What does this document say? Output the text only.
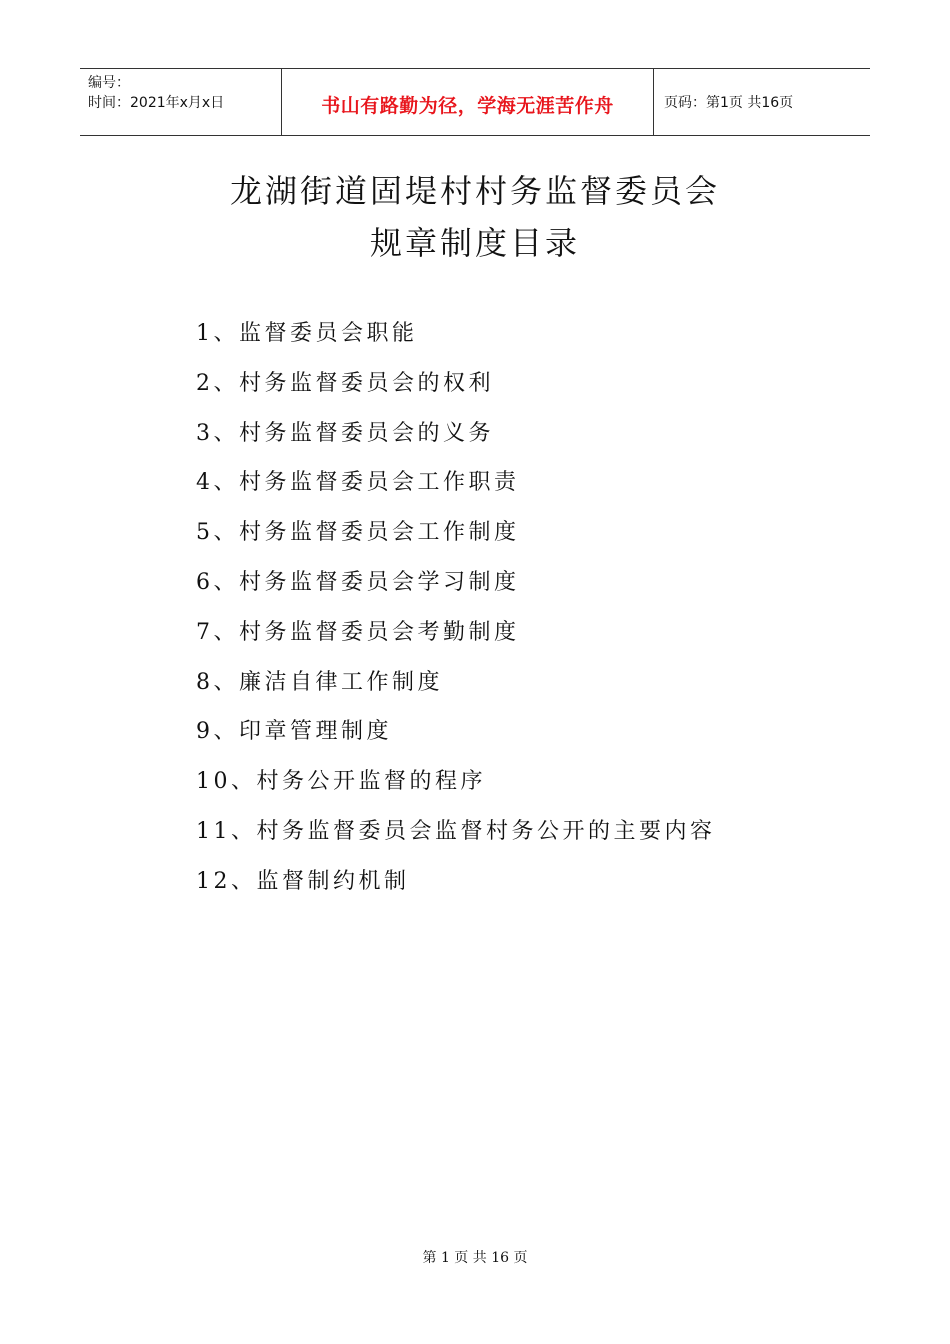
编号：
时间：2021年x月x日	书山有路勤为径，学海无涯苦作舟	页码：第1页 共16页
龙湖街道固堤村村务监督委员会
规章制度目录
1、监督委员会职能
2、村务监督委员会的权利
3、村务监督委员会的义务
4、村务监督委员会工作职责
5、村务监督委员会工作制度
6、村务监督委员会学习制度
7、村务监督委员会考勤制度
8、廉洁自律工作制度
9、印章管理制度
10、村务公开监督的程序
11、村务监督委员会监督村务公开的主要内容
12、监督制约机制
第 1 页 共 16 页
